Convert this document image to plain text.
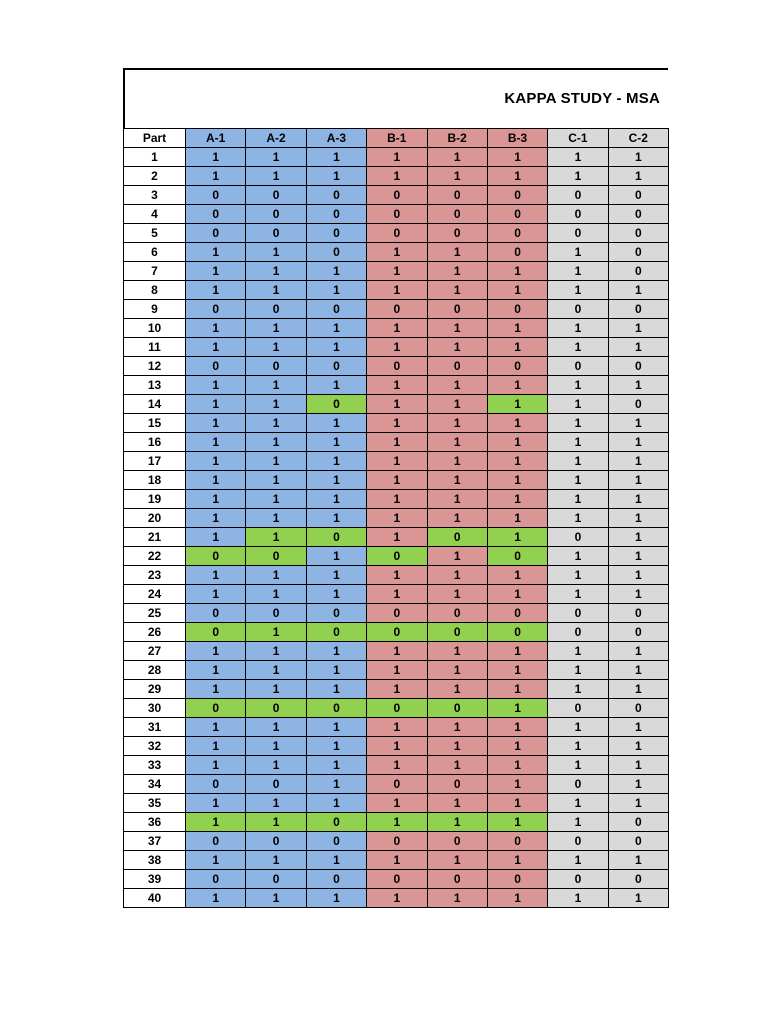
KAPPA STUDY - MSA
Part	A-1	A-2	A-3	B-1	B-2	B-3	C-1	C-2
1	1	1	1	1	1	1	1	1
2	1	1	1	1	1	1	1	1
3	0	0	0	0	0	0	0	0
4	0	0	0	0	0	0	0	0
5	0	0	0	0	0	0	0	0
6	1	1	0	1	1	0	1	0
7	1	1	1	1	1	1	1	0
8	1	1	1	1	1	1	1	1
9	0	0	0	0	0	0	0	0
10	1	1	1	1	1	1	1	1
11	1	1	1	1	1	1	1	1
12	0	0	0	0	0	0	0	0
13	1	1	1	1	1	1	1	1
14	1	1	0	1	1	1	1	0
15	1	1	1	1	1	1	1	1
16	1	1	1	1	1	1	1	1
17	1	1	1	1	1	1	1	1
18	1	1	1	1	1	1	1	1
19	1	1	1	1	1	1	1	1
20	1	1	1	1	1	1	1	1
21	1	1	0	1	0	1	0	1
22	0	0	1	0	1	0	1	1
23	1	1	1	1	1	1	1	1
24	1	1	1	1	1	1	1	1
25	0	0	0	0	0	0	0	0
26	0	1	0	0	0	0	0	0
27	1	1	1	1	1	1	1	1
28	1	1	1	1	1	1	1	1
29	1	1	1	1	1	1	1	1
30	0	0	0	0	0	1	0	0
31	1	1	1	1	1	1	1	1
32	1	1	1	1	1	1	1	1
33	1	1	1	1	1	1	1	1
34	0	0	1	0	0	1	0	1
35	1	1	1	1	1	1	1	1
36	1	1	0	1	1	1	1	0
37	0	0	0	0	0	0	0	0
38	1	1	1	1	1	1	1	1
39	0	0	0	0	0	0	0	0
40	1	1	1	1	1	1	1	1
